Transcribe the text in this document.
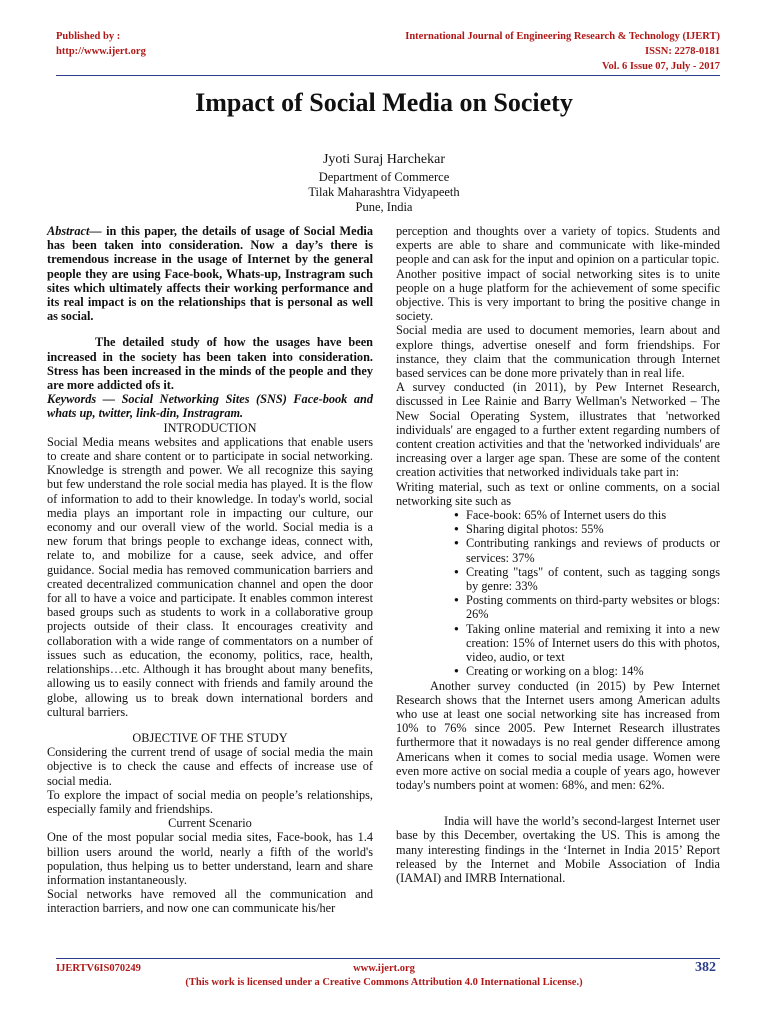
Published by :
http://www.ijert.org
International Journal of Engineering Research & Technology (IJERT)
ISSN: 2278-0181
Vol. 6 Issue 07, July - 2017
Impact of Social Media on Society
Jyoti Suraj Harchekar
Department of Commerce
Tilak Maharashtra Vidyapeeth
Pune, India

Abstract— in this paper, the details of usage of Social Media has been taken into consideration. Now a day’s there is tremendous increase in the usage of Internet by the general people they are using Face-book, Whats-up, Instragram such sites which ultimately affects their working performance and its real impact is on the relationships that is personal as well as social.

The detailed study of how the usages have been increased in the society has been taken into consideration. Stress has been increased in the minds of the people and they are more addicted ofs it.

Keywords — Social Networking Sites (SNS) Face-book and whats up, twitter, link-din, Instragram.

INTRODUCTION

Social Media means websites and applications that enable users to create and share content or to participate in social networking. Knowledge is strength and power. We all recognize this saying but few understand the role social media has played. It is the flow of information to add to their knowledge. In today's world, social media plays an important role in impacting our culture, our economy and our overall view of the world. Social media is a new forum that brings people to exchange ideas, connect with, relate to, and mobilize for a cause, seek advice, and offer guidance. Social media has removed communication barriers and created decentralized communication channel and open the door for all to have a voice and participate. It enables common interest based groups such as students to work in a collaborative group projects outside of their class. It encourages creativity and collaboration with a wide range of commentators on a number of issues such as education, the economy, politics, race, health, relationships…etc. Although it has brought about many benefits, allowing us to easily connect with friends and family around the globe, allowing us to break down international borders and cultural barriers.

OBJECTIVE OF THE STUDY

Considering the current trend of usage of social media the main objective is to check the cause and effects of increase use of social media.

To explore the impact of social media on people’s relationships, especially family and friendships.

Current Scenario

One of the most popular social media sites, Face-book, has 1.4 billion users around the world, nearly a fifth of the world's population, thus helping us to better understand, learn and share information instantaneously.

Social networks have removed all the communication and interaction barriers, and now one can communicate his/her

perception and thoughts over a variety of topics. Students and experts are able to share and communicate with like-minded people and can ask for the input and opinion on a particular topic.

Another positive impact of social networking sites is to unite people on a huge platform for the achievement of some specific objective. This is very important to bring the positive change in society.

Social media are used to document memories, learn about and explore things, advertise oneself and form friendships. For instance, they claim that the communication through Internet based services can be done more privately than in real life.

A survey conducted (in 2011), by Pew Internet Research, discussed in Lee Rainie and Barry Wellman's Networked – The New Social Operating System, illustrates that 'networked individuals' are engaged to a further extent regarding numbers of content creation activities and that the 'networked individuals' are increasing over a larger age span. These are some of the content creation activities that networked individuals take part in:

Writing material, such as text or online comments, on a social networking site such as

● Face-book: 65% of Internet users do this
● Sharing digital photos: 55%
● Contributing rankings and reviews of products or services: 37%
● Creating "tags" of content, such as tagging songs by genre: 33%
● Posting comments on third-party websites or blogs: 26%
● Taking online material and remixing it into a new creation: 15% of Internet users do this with photos, video, audio, or text
● Creating or working on a blog: 14%

Another survey conducted (in 2015) by Pew Internet Research shows that the Internet users among American adults who use at least one social networking site has increased from 10% to 76% since 2005. Pew Internet Research illustrates furthermore that it nowadays is no real gender difference among Americans when it comes to social media usage. Women were even more active on social media a couple of years ago, however today's numbers point at women: 68%, and men: 62%.

India will have the world’s second-largest Internet user base by this December, overtaking the US. This is among the many interesting findings in the ‘Internet in India 2015’ Report released by the Internet and Mobile Association of India (IAMAI) and IMRB International.

IJERTV6IS070249	www.ijert.org
(This work is licensed under a Creative Commons Attribution 4.0 International License.)
382
